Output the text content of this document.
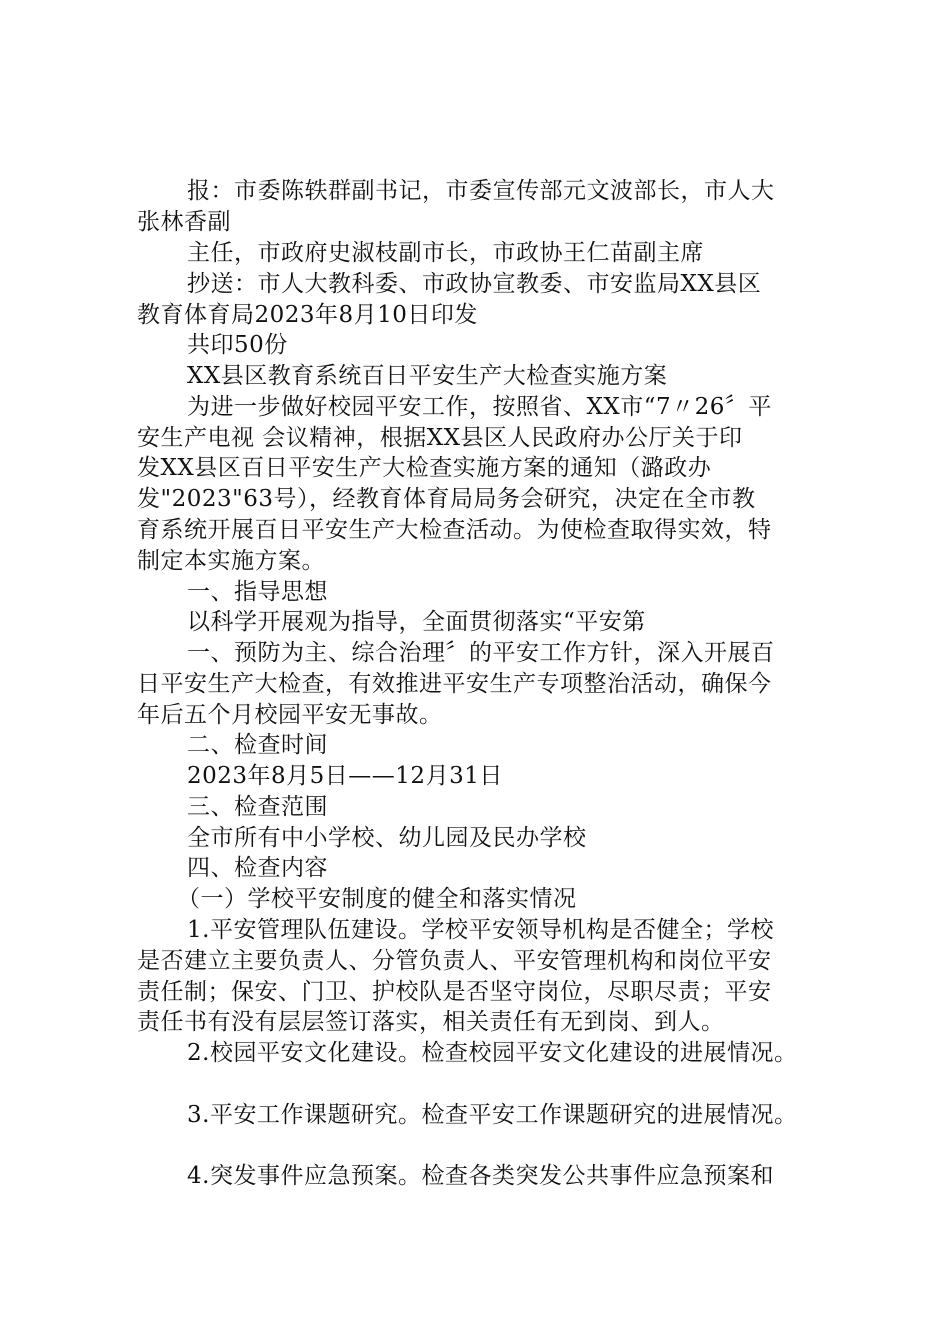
报：市委陈轶群副书记，市委宣传部元文波部长，市人大
张林香副
主任，市政府史淑枝副市长，市政协王仁苗副主席
抄送：市人大教科委、市政协宣教委、市安监局XX县区
教育体育局2023年8月10日印发
共印50份
XX县区教育系统百日平安生产大检查实施方案
为进一步做好校园平安工作，按照省、XX市“7〃26〞平
安生产电视 会议精神，根据XX县区人民政府办公厅关于印
发XX县区百日平安生产大检查实施方案的通知（潞政办
发"2023"63号），经教育体育局局务会研究，决定在全市教
育系统开展百日平安生产大检查活动。为使检查取得实效，特
制定本实施方案。
一、指导思想
以科学开展观为指导，全面贯彻落实“平安第
一、预防为主、综合治理〞的平安工作方针，深入开展百
日平安生产大检查，有效推进平安生产专项整治活动，确保今
年后五个月校园平安无事故。
二、检查时间
2023年8月5日——12月31日
三、检查范围
全市所有中小学校、幼儿园及民办学校
四、检查内容
（一）学校平安制度的健全和落实情况
1.平安管理队伍建设。学校平安领导机构是否健全；学校
是否建立主要负责人、分管负责人、平安管理机构和岗位平安
责任制；保安、门卫、护校队是否坚守岗位，尽职尽责；平安
责任书有没有层层签订落实，相关责任有无到岗、到人。
2.校园平安文化建设。检查校园平安文化建设的进展情况。
3.平安工作课题研究。检查平安工作课题研究的进展情况。
4.突发事件应急预案。检查各类突发公共事件应急预案和
